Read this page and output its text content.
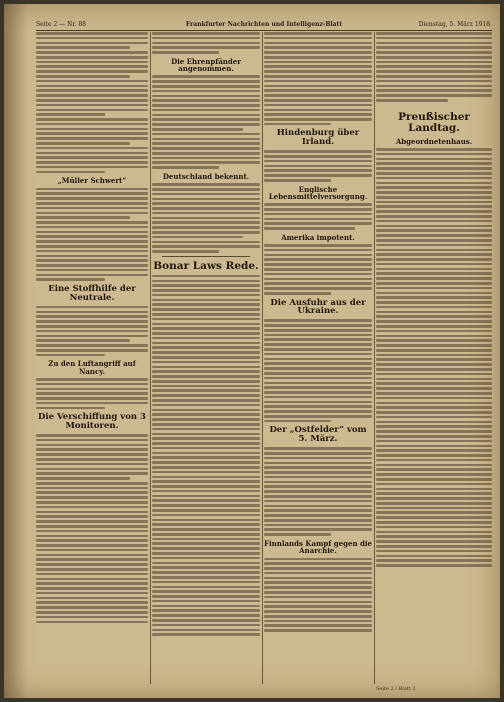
Seite 2 — Nr. 88	Frankfurter Nachrichten und Intelligenz-Blatt	Dienstag, 5. März 1918.
„Müller Schwert“
Eine Stoffhilfe der Neutrale.
Zu den Luftangriff auf Nancy.
Die Verschiffung von 3 Monitoren.
Die Ehrenpfänder angenommen.
Deutschland bekennt.
Bonar Laws Rede.
Hindenburg über Irland.
Englische Lebensmittelversorgung.
Amerika impotent.
Die Ausfuhr aus der Ukraine.
Der „Ostfelder“ vom 5. März.
Finnlands Kampf gegen die Anarchie.
Preußischer Landtag.
Abgeordnetenhaus.
Seite 2 / Blatt 2
